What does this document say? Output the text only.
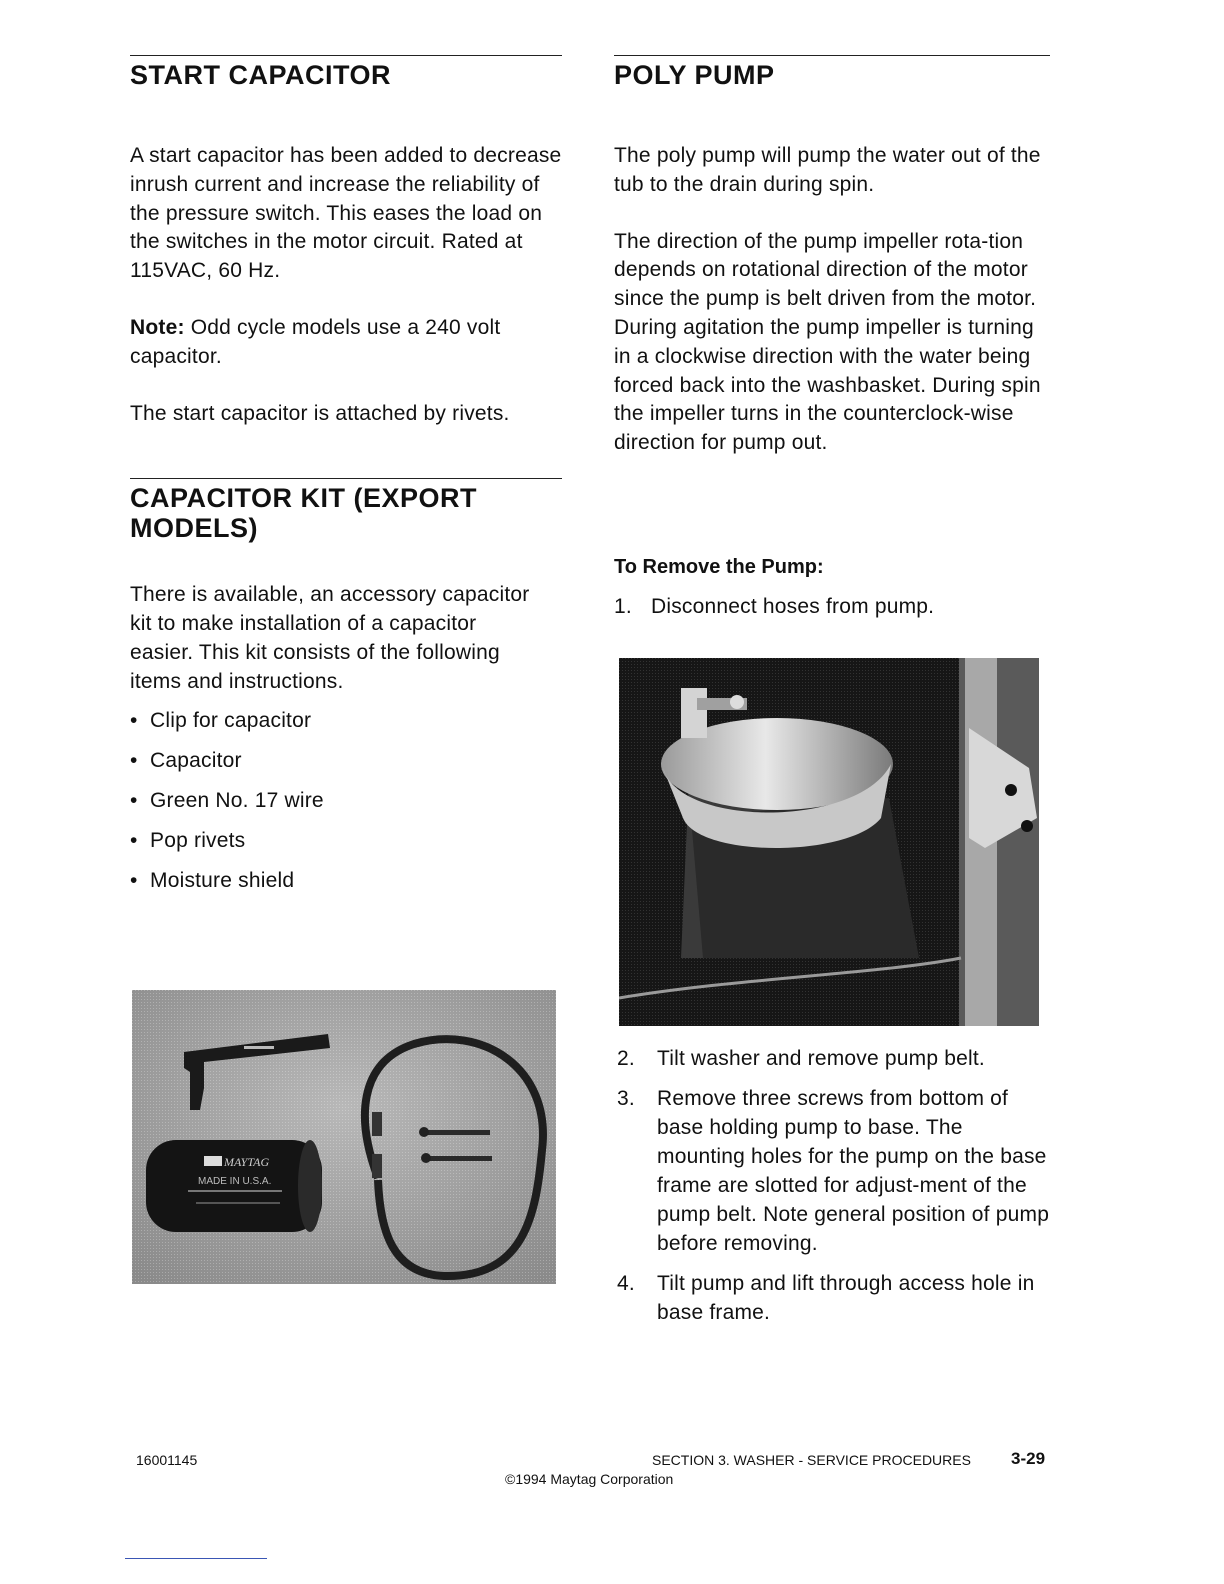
START CAPACITOR

A start capacitor has been added to decrease inrush current and increase the reliability of the pressure switch. This eases the load on the switches in the motor circuit. Rated at 115VAC, 60 Hz.

Note: Odd cycle models use a 240 volt capacitor.

The start capacitor is attached by rivets.

CAPACITOR KIT (EXPORT MODELS)

There is available, an accessory capacitor kit to make installation of a capacitor easier. This kit consists of the following items and instructions.

• Clip for capacitor
• Capacitor
• Green No. 17 wire
• Pop rivets
• Moisture shield
MAYTAG
MADE IN U.S.A.
POLY PUMP

The poly pump will pump the water out of the tub to the drain during spin.

The direction of the pump impeller rota-tion depends on rotational direction of the motor since the pump is belt driven from the motor. During agitation the pump impeller is turning in a clockwise direction with the water being forced back into the washbasket. During spin the impeller turns in the counterclock-wise direction for pump out.

To Remove the Pump:

1. Disconnect hoses from pump.
2.	Tilt washer and remove pump belt.
3.	Remove three screws from bottom of base holding pump to base. The mounting holes for the pump on the base frame are slotted for adjust-ment of the pump belt. Note general position of pump before removing.
4.	Tilt pump and lift through access hole in base frame.
16001145	SECTION 3. WASHER - SERVICE PROCEDURES 3-29
©1994 Maytag Corporation
